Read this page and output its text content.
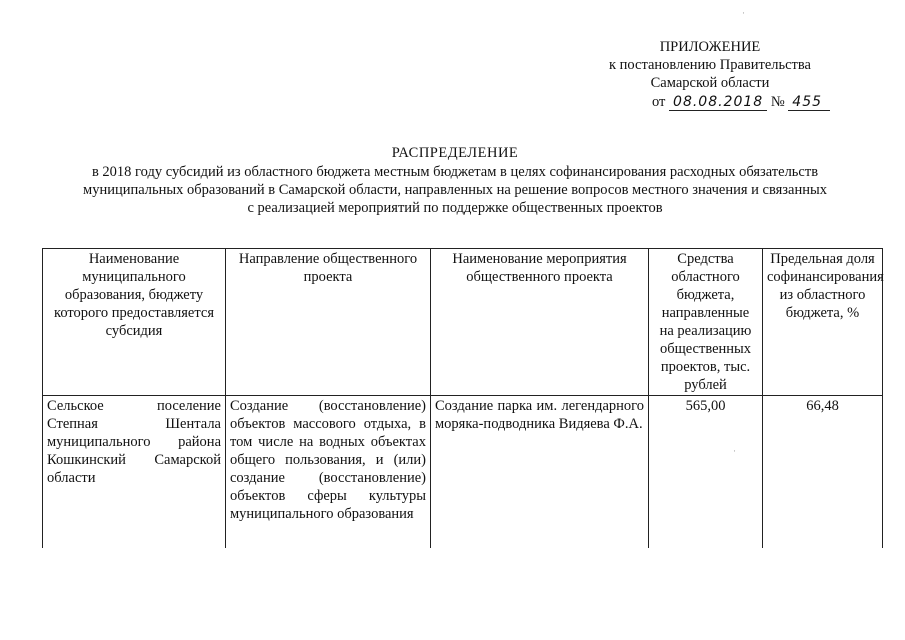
ПРИЛОЖЕНИЕ
к постановлению Правительства
Самарской области
от 08.08.2018 № 455
РАСПРЕДЕЛЕНИЕ
в 2018 году субсидий из областного бюджета местным бюджетам в целях софинансирования расходных обязательств
муниципальных образований в Самарской области, направленных на решение вопросов местного значения и связанных
с реализацией мероприятий по поддержке общественных проектов
Наименование муниципального образования, бюджету которого предоставляется субсидия	Направление общественного проекта	Наименование мероприятия общественного проекта	Средства областного бюджета, направленные на реализацию общественных проектов, тыс. рублей	Предельная доля софинансирования из областного бюджета, %
Сельское поселение Степная Шентала муниципального района Кошкинский Самарской области	Создание (восстановление) объектов массового отдыха, в том числе на водных объектах общего пользования, и (или) создание (восстановление) объектов сферы культуры муниципального образования	Создание парка им. легендарного моряка-подводника Видяева Ф.А.	565,00	66,48
·
·
